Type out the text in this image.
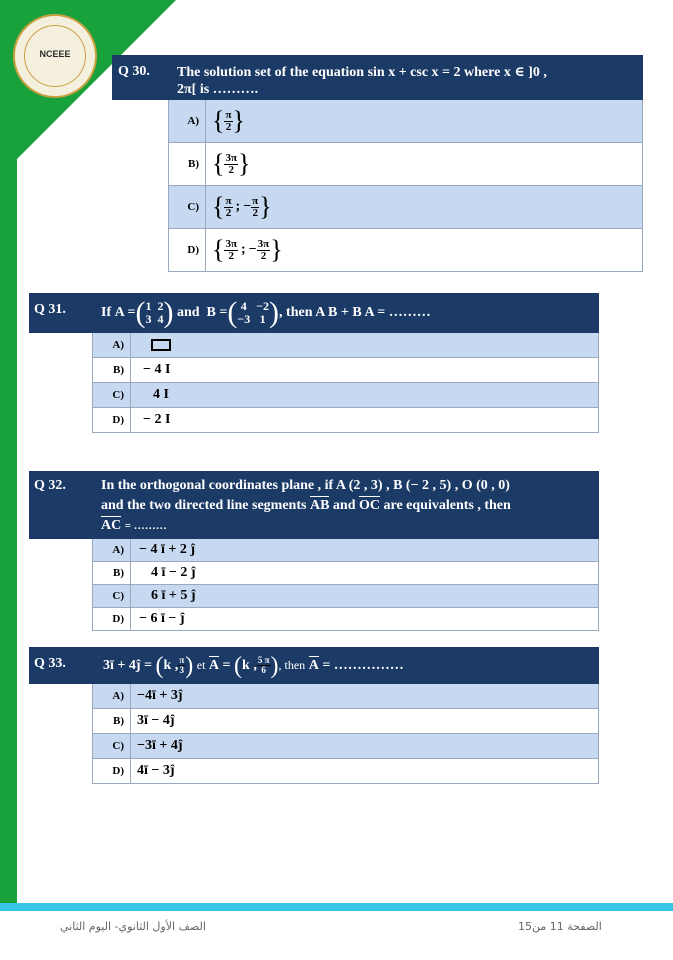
NCEEE
Q 30. The solution set of the equation sin x + csc x = 2 where x ∈ ]0 ,
2π[ is ……….
A) { $\frac{\pi}{2}$ }
B) { $\frac{3\pi}{2}$ }
C) { $\frac{\pi}{2}$ ; − $\frac{\pi}{2}$ }
D) { $\frac{3\pi}{2}$ ; − $\frac{3\pi}{2}$ }
Q 31.	If
A = ( 1 2
3 4 )
and
B = ( 4 −2
−3 1 ) , then A B + B A = ………
A)
B)	− 4 I
C)	4 I
D)	− 2 I
Q 32.	In the orthogonal coordinates plane , if A (2 , 3) , B (− 2 , 5) , O (0 , 0)
and the two directed line segments AB and OC are equivalents , then
AC = ………
A)	− 4 ī + 2 ĵ
B)	4 ī − 2 ĵ
C)	6 ī + 5 ĵ
D)	− 6 ī − ĵ
Q 33.	3ī + 4ĵ =
( k , $\frac{\pi}{3}$ )
et
A
=
( k , $\frac{5 \pi}{6}$ ) , then
A
= ……………
A) −4ī + 3ĵ
B) 3ī − 4ĵ
C) −3ī + 4ĵ
D) 4ī − 3ĵ
الصف الأول الثانوي- اليوم الثاني	الصفحة 11 من15
